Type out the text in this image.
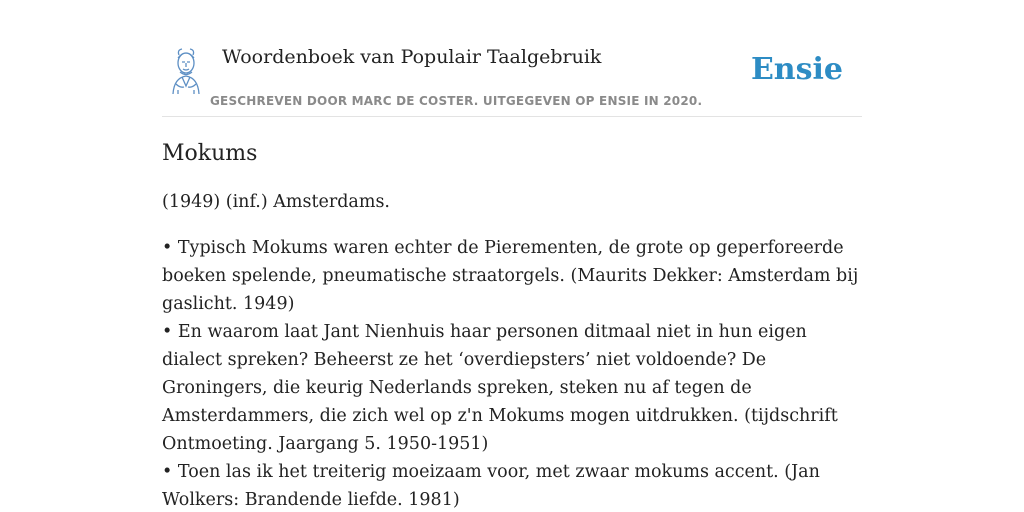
Woordenboek van Populair Taalgebruik
GESCHREVEN DOOR MARC DE COSTER. UITGEGEVEN OP ENSIE IN 2020.
Ensie
Mokums

(1949) (inf.) Amsterdams.

• Typisch Mokums waren echter de Pierementen, de grote op geperforeerde boeken spelende, pneumatische straatorgels. (Maurits Dekker: Amsterdam bij gaslicht. 1949)

• En waarom laat Jant Nienhuis haar personen ditmaal niet in hun eigen dialect spreken? Beheerst ze het ‘overdiepsters’ niet voldoende? De Groningers, die keurig Nederlands spreken, steken nu af tegen de Amsterdammers, die zich wel op z'n Mokums mogen uitdrukken. (tijdschrift Ontmoeting. Jaargang 5. 1950-1951)

• Toen las ik het treiterig moeizaam voor, met zwaar mokums accent. (Jan Wolkers: Brandende liefde. 1981)
